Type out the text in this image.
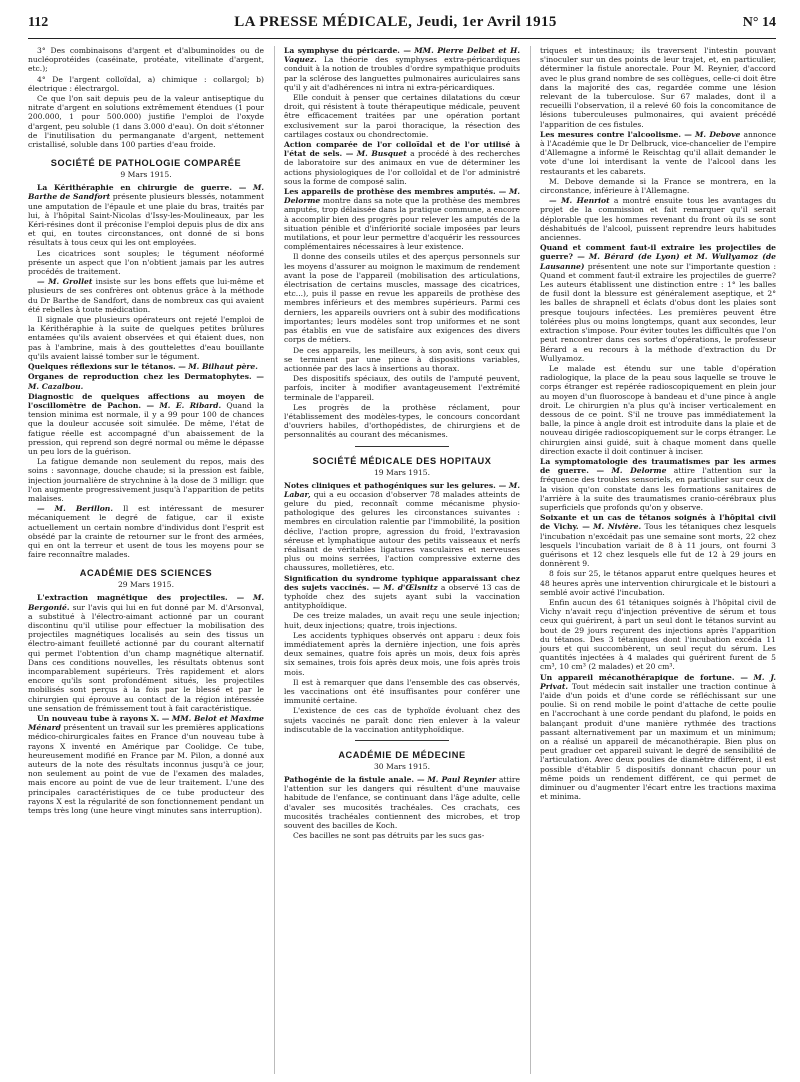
112	LA PRESSE MÉDICALE, Jeudi, 1er Avril 1915	N° 14

3° Des combinaisons d'argent et d'albuminoïdes ou de nucléoprotéides (caséinate, protéate, vitellinate d'argent, etc.);

4° De l'argent colloïdal, a) chimique : collargol; b) électrique : électrargol.

Ce que l'on sait depuis peu de la valeur antiseptique du nitrate d'argent en solutions extrêmement étendues (1 pour 200.000, 1 pour 500.000) justifie l'emploi de l'oxyde d'argent, peu soluble (1 dans 3.000 d'eau). On doit s'étonner de l'inutilisation du permanganate d'argent, nettement cristallisé, soluble dans 100 parties d'eau froide.

SOCIÉTÉ DE PATHOLOGIE COMPARÉE
9 Mars 1915.

La Kérithéraphie en chirurgie de guerre. — M. Barthe de Sandfort présente plusieurs blessés, notamment une amputation de l'épaule et une plaie du bras, traités par lui, à l'hôpital Saint-Nicolas d'Issy-les-Moulineaux, par les Kéri-résines dont il préconise l'emploi depuis plus de dix ans et qui, en toutes circonstances, ont donné de si bons résultats à tous ceux qui les ont employées.

Les cicatrices sont souples; le tégument néoformé présente un aspect que l'on n'obtient jamais par les autres procédés de traitement.

— M. Grollet insiste sur les bons effets que lui-même et plusieurs de ses confrères ont obtenus grâce à la méthode du Dr Barthe de Sandfort, dans de nombreux cas qui avaient été rebelles à toute médication.

Il signale que plusieurs opérateurs ont rejeté l'emploi de la Kérithéraphie à la suite de quelques petites brûlures entamées qu'ils avaient observées et qui étaient dues, non pas à l'ambrine, mais à des gouttelettes d'eau bouillante qu'ils avaient laissé tomber sur le tégument.

Quelques réflexions sur le tétanos. — M. Bilhaut père.

Organes de reproduction chez les Dermatophytes. — M. Cazalbou.

Diagnostic de quelques affections au moyen de l'oscillomètre de Pachon. — M. E. Ribard. Quand la tension minima est normale, il y a 99 pour 100 de chances que la douleur accusée soit simulée. De même, l'état de fatigue réelle est accompagné d'un abaissement de la pression, qui reprend son degré normal ou même le dépasse un peu lors de la guérison.

La fatigue demande non seulement du repos, mais des soins : savonnage, douche chaude; si la pression est faible, injection journalière de strychnine à la dose de 3 milligr. que l'on augmente progressivement jusqu'à l'apparition de petits malaises.

— M. Berillon. Il est intéressant de mesurer mécaniquement le degré de fatigue, car il existe actuellement un certain nombre d'individus dont l'esprit est obsédé par la crainte de retourner sur le front des armées, qui en ont la terreur et usent de tous les moyens pour se faire reconnaître malades.

ACADÉMIE DES SCIENCES
29 Mars 1915.

L'extraction magnétique des projectiles. — M. Bergonié. sur l'avis qui lui en fut donné par M. d'Arsonval, a substitué à l'électro-aimant actionné par un courant discontinu qu'il utilise pour effectuer la mobilisation des projectiles magnétiques localisés au sein des tissus un électro-aimant feuilleté actionné par du courant alternatif qui permet l'obtention d'un champ magnétique alternatif. Dans ces conditions nouvelles, les résultats obtenus sont incomparablement supérieurs. Très rapidement et alors encore qu'ils sont profondément situés, les projectiles mobilisés sont perçus à la fois par le blessé et par le chirurgien qui éprouve au contact de la région intéressée une sensation de frémissement tout à fait caractéristique.

Un nouveau tube à rayons X. — MM. Belot et Maxime Ménard présentent un travail sur les premières applications médico-chirurgicales faites en France d'un nouveau tube à rayons X inventé en Amérique par Coolidge. Ce tube, heureusement modifié en France par M. Pilon, a donné aux auteurs de la note des résultats inconnus jusqu'à ce jour, non seulement au point de vue de l'examen des malades, mais encore au point de vue de leur traitement. L'une des principales caractéristiques de ce tube producteur des rayons X est la régularité de son fonctionnement pendant un temps très long (une heure vingt minutes sans interruption).

La symphyse du péricarde. — MM. Pierre Delbet et H. Vaquez. La théorie des symphyses extra-péricardiques conduit à la notion de troubles d'ordre sympathique produits par la sclérose des languettes pulmonaires auriculaires sans qu'il y ait d'adhérences ni intra ni extra-péricardiques.

Elle conduit à penser que certaines dilatations du cœur droit, qui résistent à toute thérapeutique médicale, peuvent être efficacement traitées par une opération portant exclusivement sur la paroi thoracique, la résection des cartilages costaux ou chondrectomie.

Action comparée de l'or colloïdal et de l'or utilisé à l'état de sels. — M. Busquet a procédé à des recherches de laboratoire sur des animaux en vue de déterminer les actions physiologiques de l'or colloïdal et de l'or administré sous la forme de composé salin.

Les appareils de prothèse des membres amputés. — M. Delorme montre dans sa note que la prothèse des membres amputés, trop délaissée dans la pratique commune, a encore à accomplir bien des progrès pour relever les amputés de la situation pénible et d'infériorité sociale imposées par leurs mutilations, et pour leur permettre d'acquérir les ressources complémentaires nécessaires à leur existence.

Il donne des conseils utiles et des aperçus personnels sur les moyens d'assurer au moignon le maximum de rendement avant la pose de l'appareil (mobilisation des articulations, électrisation de certains muscles, massage des cicatrices, etc...), puis il passe en revue les appareils de prothèse des membres inférieurs et des membres supérieurs. Parmi ces derniers, les appareils ouvriers ont à subir des modifications importantes; leurs modèles sont trop uniformes et ne sont pas établis en vue de satisfaire aux exigences des divers corps de métiers.

De ces appareils, les meilleurs, à son avis, sont ceux qui se terminent par une pince à dispositions variables, actionnée par des lacs à insertions au thorax.

Des dispositifs spéciaux, des outils de l'amputé peuvent, parfois, inciter à modifier avantageusement l'extrémité terminale de l'appareil.

Les progrès de la prothèse réclament, pour l'établissement des modèles-types, le concours concordant d'ouvriers habiles, d'orthopédistes, de chirurgiens et de personnalités au courant des mécanismes.

SOCIÉTÉ MÉDICALE DES HOPITAUX
19 Mars 1915.

Notes cliniques et pathogéniques sur les gelures. — M. Labar, qui a eu occasion d'observer 78 malades atteints de gelure du pied, reconnaît comme mécanisme physio-pathologique des gelures les circonstances suivantes : membres en circulation ralentie par l'immobilité, la position déclive, l'action propre, agression du froid, l'extravasion séreuse et lymphatique autour des petits vaisseaux et nerfs réalisant de véritables ligatures vasculaires et nerveuses plus ou moins serrées, l'action compressive externe des chaussures, molletières, etc.

Signification du syndrome typhique apparaissant chez des sujets vaccinés. — M. d'Œlsnitz a observé 13 cas de typhoïde chez des sujets ayant subi la vaccination antityphoïdique.

De ces treize malades, un avait reçu une seule injection; huit, deux injections; quatre, trois injections.

Les accidents typhiques observés ont apparu : deux fois immédiatement après la dernière injection, une fois après deux semaines, quatre fois après un mois, deux fois après six semaines, trois fois après deux mois, une fois après trois mois.

Il est à remarquer que dans l'ensemble des cas observés, les vaccinations ont été insuffisantes pour conférer une immunité certaine.

L'existence de ces cas de typhoïde évoluant chez des sujets vaccinés ne paraît donc rien enlever à la valeur indiscutable de la vaccination antityphoïdique.

ACADÉMIE DE MÉDECINE
30 Mars 1915.

Pathogénie de la fistule anale. — M. Paul Reynier attire l'attention sur les dangers qui résultent d'une mauvaise habitude de l'enfance, se continuant dans l'âge adulte, celle d'avaler ses mucosités trachéales. Ces crachats, ces mucosités trachéales contiennent des microbes, et trop souvent des bacilles de Koch.

Ces bacilles ne sont pas détruits par les sucs gas-

triques et intestinaux; ils traversent l'intestin pouvant s'inoculer sur un des points de leur trajet, et, en particulier, déterminer la fistule anorectale. Pour M. Reynier, d'accord avec le plus grand nombre de ses collègues, celle-ci doit être dans la majorité des cas, regardée comme une lésion relevant de la tuberculose. Sur 67 malades, dont il a recueilli l'observation, il a relevé 60 fois la concomitance de lésions tuberculeuses pulmonaires, qui avaient précédé l'apparition de ces fistules.

Les mesures contre l'alcoolisme. — M. Debove annonce à l'Académie que le Dr Delbruck, vice-chancelier de l'empire d'Allemagne a informé le Reischtag qu'il allait demander le vote d'une loi interdisant la vente de l'alcool dans les restaurants et les cabarets.

M. Debove demande si la France se montrera, en la circonstance, inférieure à l'Allemagne.

— M. Henriot a montré ensuite tous les avantages du projet de la commission et fait remarquer qu'il serait déplorable que les hommes revenant du front où ils se sont déshabitués de l'alcool, puissent reprendre leurs habitudes anciennes.

Quand et comment faut-il extraire les projectiles de guerre? — M. Bérard (de Lyon) et M. Wullyamoz (de Lausanne) présentent une note sur l'importante question : Quand et comment faut-il extraire les projectiles de guerre? Les auteurs établissent une distinction entre : 1° les balles de fusil dont la blessure est généralement aseptique, et 2° les balles de shrapnell et éclats d'obus dont les plaies sont presque toujours infectées. Les premières peuvent être tolérées plus ou moins longtemps, quant aux secondes, leur extraction s'impose. Pour éviter toutes les difficultés que l'on peut rencontrer dans ces sortes d'opérations, le professeur Bérard a eu recours à la méthode d'extraction du Dr Wullyamoz.

Le malade est étendu sur une table d'opération radiologique, la place de la peau sous laquelle se trouve le corps étranger est repérée radioscopiquement en plein jour au moyen d'un fluoroscope à bandeau et d'une pince à angle droit. Le chirurgien n'a plus qu'à inciser verticalement en dessous de ce point. S'il ne trouve pas immédiatement la balle, la pince à angle droit est introduite dans la plaie et de nouveau dirigée radioscopiquement sur le corps étranger. Le chirurgien ainsi guidé, suit à chaque moment dans quelle direction exacte il doit continuer à inciser.

La symptomatologie des traumatismes par les armes de guerre. — M. Delorme attire l'attention sur la fréquence des troubles sensoriels, en particulier sur ceux de la vision qu'on constate dans les formations sanitaires de l'arrière à la suite des traumatismes cranio-cérébraux plus superficiels que profonds qu'on y observe.

Soixante et un cas de tétanos soignés à l'hôpital civil de Vichy. — M. Nivière. Tous les tétaniques chez lesquels l'incubation n'excédait pas une semaine sont morts, 22 chez lesquels l'incubation variait de 8 à 11 jours, ont fourni 3 guérisons et 12 chez lesquels elle fut de 12 à 29 jours en donnèrent 9.

8 fois sur 25, le tétanos apparut entre quelques heures et 48 heures après une intervention chirurgicale et le bistouri a semblé avoir activé l'incubation.

Enfin aucun des 61 tétaniques soignés à l'hôpital civil de Vichy n'avait reçu d'injection préventive de sérum et tous ceux qui guérirent, à part un seul dont le tétanos survint au bout de 29 jours reçurent des injections après l'apparition du tétanos. Des 3 tétaniques dont l'incubation excéda 11 jours et qui succombèrent, un seul reçut du sérum. Les quantités injectées à 4 malades qui guérirent furent de 5 cm³, 10 cm³ (2 malades) et 20 cm³.

Un appareil mécanothérapique de fortune. — M. J. Privat. Tout médecin sait installer une traction continue à l'aide d'un poids et d'une corde se réfléchissant sur une poulie. Si on rend mobile le point d'attache de cette poulie en l'accrochant à une corde pendant du plafond, le poids en balançant produit d'une manière rythmée des tractions passant alternativement par un maximum et un minimum; on a réalisé un appareil de mécanothérapie. Bien plus on peut graduer cet appareil suivant le degré de sensibilité de l'articulation. Avec deux poulies de diamètre différent, il est possible d'établir 5 dispositifs donnant chacun pour un même poids un rendement différent, ce qui permet de diminuer ou d'augmenter l'écart entre les tractions maxima et minima.
